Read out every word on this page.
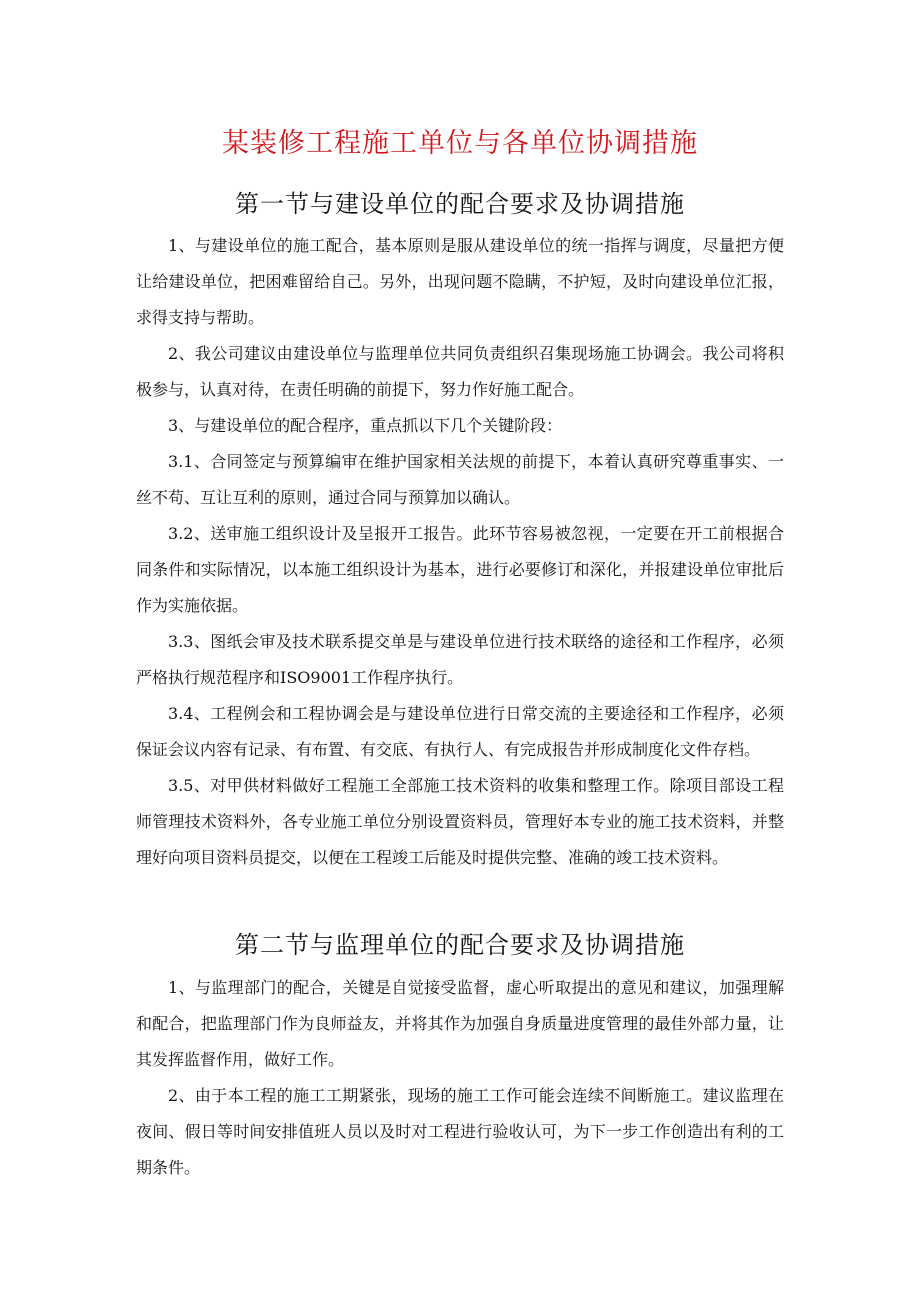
某装修工程施工单位与各单位协调措施
第一节与建设单位的配合要求及协调措施

1、与建设单位的施工配合，基本原则是服从建设单位的统一指挥与调度，尽量把方便让给建设单位，把困难留给自己。另外，出现问题不隐瞒，不护短，及时向建设单位汇报，求得支持与帮助。

2、我公司建议由建设单位与监理单位共同负责组织召集现场施工协调会。我公司将积极参与，认真对待，在责任明确的前提下，努力作好施工配合。

3、与建设单位的配合程序，重点抓以下几个关键阶段：

3.1、合同签定与预算编审在维护国家相关法规的前提下，本着认真研究尊重事实、一丝不苟、互让互利的原则，通过合同与预算加以确认。

3.2、送审施工组织设计及呈报开工报告。此环节容易被忽视，一定要在开工前根据合同条件和实际情况，以本施工组织设计为基本，进行必要修订和深化，并报建设单位审批后作为实施依据。

3.3、图纸会审及技术联系提交单是与建设单位进行技术联络的途径和工作程序，必须严格执行规范程序和ISO9001工作程序执行。

3.4、工程例会和工程协调会是与建设单位进行日常交流的主要途径和工作程序，必须保证会议内容有记录、有布置、有交底、有执行人、有完成报告并形成制度化文件存档。

3.5、对甲供材料做好工程施工全部施工技术资料的收集和整理工作。除项目部设工程师管理技术资料外，各专业施工单位分别设置资料员，管理好本专业的施工技术资料，并整理好向项目资料员提交，以便在工程竣工后能及时提供完整、准确的竣工技术资料。

第二节与监理单位的配合要求及协调措施

1、与监理部门的配合，关键是自觉接受监督，虚心听取提出的意见和建议，加强理解和配合，把监理部门作为良师益友，并将其作为加强自身质量进度管理的最佳外部力量，让其发挥监督作用，做好工作。

2、由于本工程的施工工期紧张，现场的施工工作可能会连续不间断施工。建议监理在夜间、假日等时间安排值班人员以及时对工程进行验收认可，为下一步工作创造出有利的工期条件。
